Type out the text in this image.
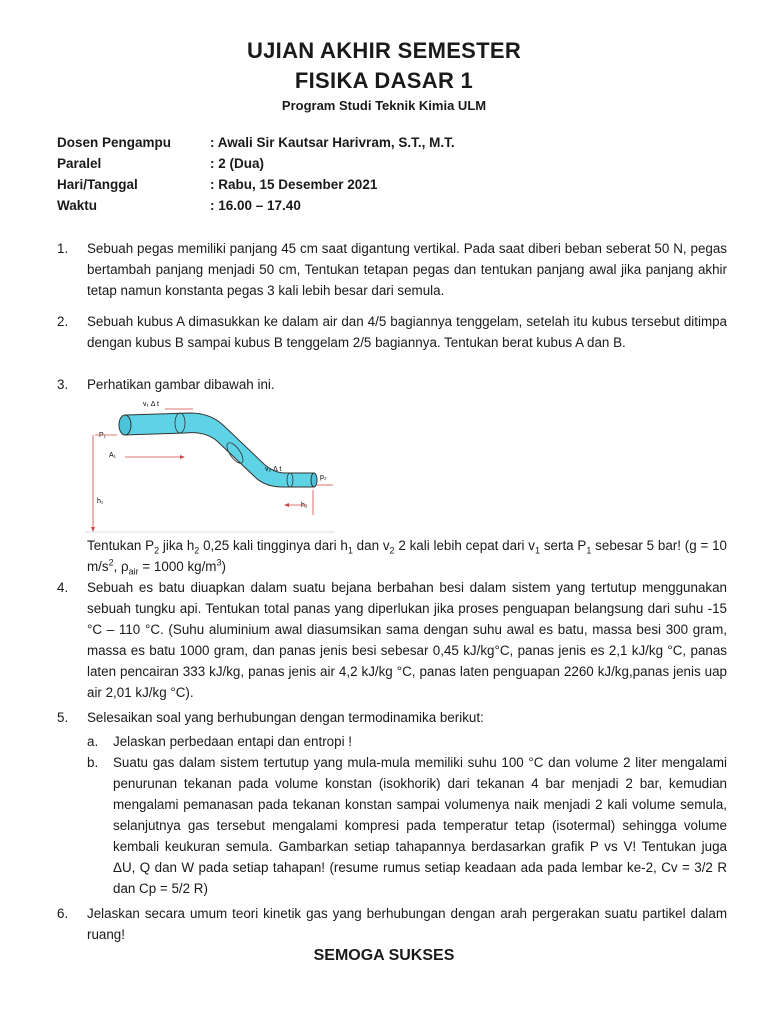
UJIAN AKHIR SEMESTER
FISIKA DASAR 1
Program Studi Teknik Kimia ULM
Dosen Pengampu	: Awali Sir Kautsar Harivram, S.T., M.T.
Paralel	: 2 (Dua)
Hari/Tanggal	: Rabu, 15 Desember 2021
Waktu	: 16.00 – 17.40
1. Sebuah pegas memiliki panjang 45 cm saat digantung vertikal. Pada saat diberi beban seberat 50 N, pegas bertambah panjang menjadi 50 cm, Tentukan tetapan pegas dan tentukan panjang awal jika panjang akhir tetap namun konstanta pegas 3 kali lebih besar dari semula.
2. Sebuah kubus A dimasukkan ke dalam air dan 4/5 bagiannya tenggelam, setelah itu kubus tersebut ditimpa dengan kubus B sampai kubus B tenggelam 2/5 bagiannya. Tentukan berat kubus A dan B.
3. Perhatikan gambar dibawah ini.
v₁ Δ t
P₁
A₁
h₁
v₂ Δ t
p₂
h₂
Tentukan $P_2$ jika $h_2$ 0,25 kali tingginya dari $h_1$ dan $v_2$ 2 kali lebih cepat dari $v_1$ serta $P_1$ sebesar 5 bar! (g = 10 $m/s^2$, $\rho_{air} = 1000$ $kg/m^3$)
4. Sebuah es batu diuapkan dalam suatu bejana berbahan besi dalam sistem yang tertutup menggunakan sebuah tungku api. Tentukan total panas yang diperlukan jika proses penguapan belangsung dari suhu -15 °C – 110 °C. (Suhu aluminium awal diasumsikan sama dengan suhu awal es batu, massa besi 300 gram, massa es batu 1000 gram, dan panas jenis besi sebesar 0,45 kJ/kg°C, panas jenis es 2,1 kJ/kg °C, panas laten pencairan 333 kJ/kg, panas jenis air 4,2 kJ/kg °C, panas laten penguapan 2260 kJ/kg,panas jenis uap air 2,01 kJ/kg °C).
5. Selesaikan soal yang berhubungan dengan termodinamika berikut:
a. Jelaskan perbedaan entapi dan entropi !
b. Suatu gas dalam sistem tertutup yang mula-mula memiliki suhu 100 °C dan volume 2 liter mengalami penurunan tekanan pada volume konstan (isokhorik) dari tekanan 4 bar menjadi 2 bar, kemudian mengalami pemanasan pada tekanan konstan sampai volumenya naik menjadi 2 kali volume semula, selanjutnya gas tersebut mengalami kompresi pada temperatur tetap (isotermal) sehingga volume kembali keukuran semula. Gambarkan setiap tahapannya berdasarkan grafik P vs V! Tentukan juga ΔU, Q dan W pada setiap tahapan! (resume rumus setiap keadaan ada pada lembar ke-2, Cv = 3/2 R dan Cp = 5/2 R)
6. Jelaskan secara umum teori kinetik gas yang berhubungan dengan arah pergerakan suatu partikel dalam ruang!
SEMOGA SUKSES
